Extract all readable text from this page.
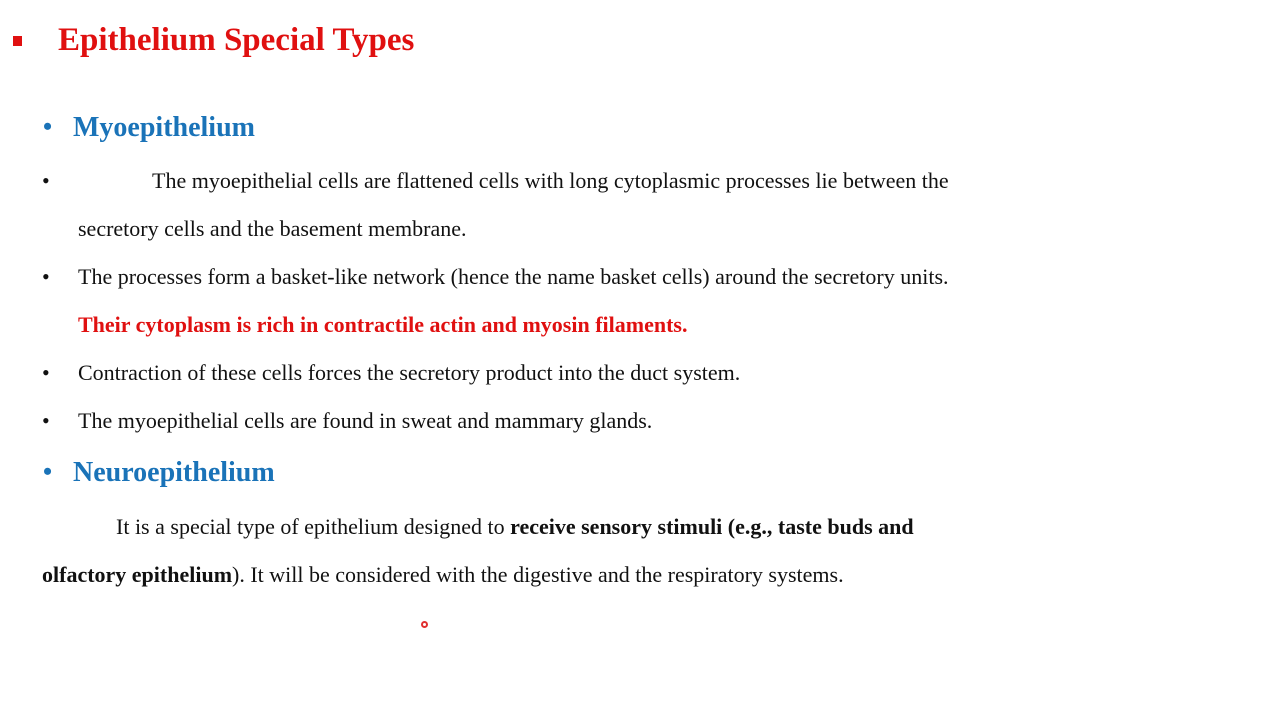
Epithelium Special Types
• Myoepithelium
•	The myoepithelial cells are flattened cells with long cytoplasmic processes lie between the
secretory cells and the basement membrane.
• The processes form a basket-like network (hence the name basket cells) around the secretory units.
Their cytoplasm is rich in contractile actin and myosin filaments.
• Contraction of these cells forces the secretory product into the duct system.
• The myoepithelial cells are found in sweat and mammary glands.
• Neuroepithelium
It is a special type of epithelium designed to receive sensory stimuli (e.g., taste buds and
olfactory epithelium). It will be considered with the digestive and the respiratory systems.
